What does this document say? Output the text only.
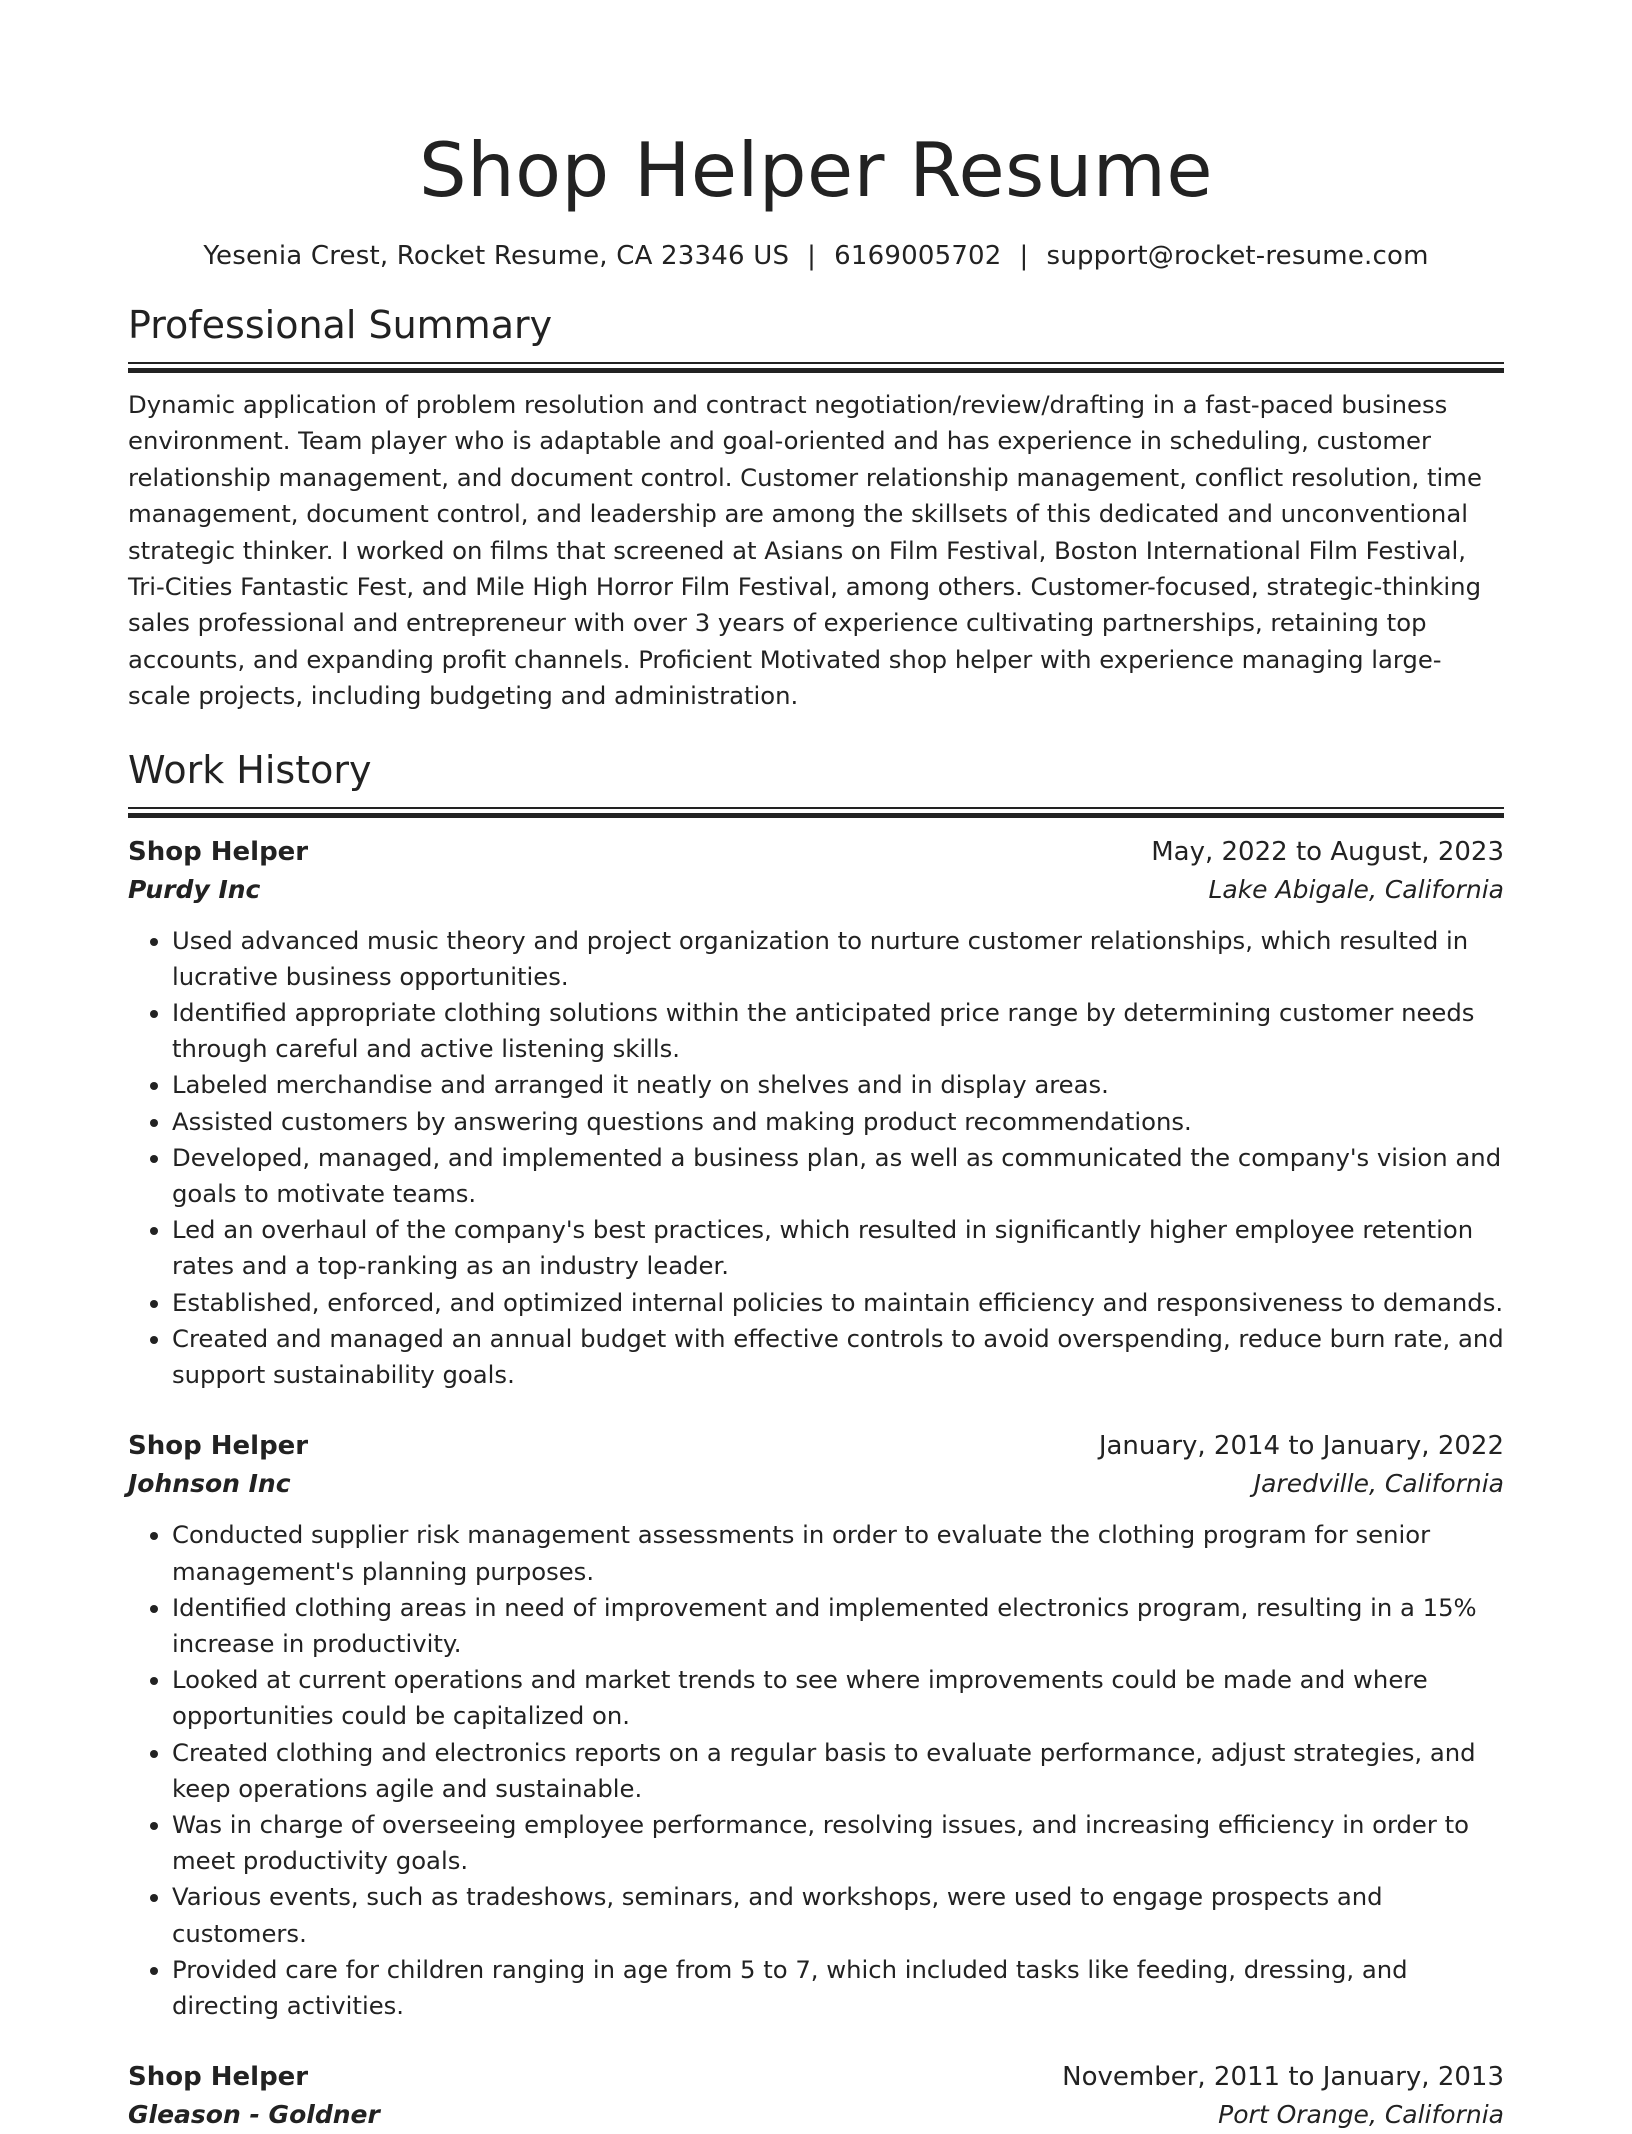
Shop Helper Resume
Yesenia Crest, Rocket Resume, CA 23346 US | 6169005702 | support@rocket-resume.com
Professional Summary

Dynamic application of problem resolution and contract negotiation/review/drafting in a fast-paced business environment. Team player who is adaptable and goal-oriented and has experience in scheduling, customer relationship management, and document control. Customer relationship management, conflict resolution, time management, document control, and leadership are among the skillsets of this dedicated and unconventional strategic thinker. I worked on films that screened at Asians on Film Festival, Boston International Film Festival, Tri-Cities Fantastic Fest, and Mile High Horror Film Festival, among others. Customer-focused, strategic-thinking sales professional and entrepreneur with over 3 years of experience cultivating partnerships, retaining top accounts, and expanding profit channels. Proficient Motivated shop helper with experience managing large-scale projects, including budgeting and administration.

Work History
Shop Helper	May, 2022 to August, 2023
Purdy Inc	Lake Abigale, California
• Used advanced music theory and project organization to nurture customer relationships, which resulted in lucrative business opportunities.
• Identified appropriate clothing solutions within the anticipated price range by determining customer needs through careful and active listening skills.
• Labeled merchandise and arranged it neatly on shelves and in display areas.
• Assisted customers by answering questions and making product recommendations.
• Developed, managed, and implemented a business plan, as well as communicated the company's vision and goals to motivate teams.
• Led an overhaul of the company's best practices, which resulted in significantly higher employee retention rates and a top-ranking as an industry leader.
• Established, enforced, and optimized internal policies to maintain efficiency and responsiveness to demands.
• Created and managed an annual budget with effective controls to avoid overspending, reduce burn rate, and support sustainability goals.
Shop Helper	January, 2014 to January, 2022
Johnson Inc	Jaredville, California
• Conducted supplier risk management assessments in order to evaluate the clothing program for senior management's planning purposes.
• Identified clothing areas in need of improvement and implemented electronics program, resulting in a 15% increase in productivity.
• Looked at current operations and market trends to see where improvements could be made and where opportunities could be capitalized on.
• Created clothing and electronics reports on a regular basis to evaluate performance, adjust strategies, and keep operations agile and sustainable.
• Was in charge of overseeing employee performance, resolving issues, and increasing efficiency in order to meet productivity goals.
• Various events, such as tradeshows, seminars, and workshops, were used to engage prospects and customers.
• Provided care for children ranging in age from 5 to 7, which included tasks like feeding, dressing, and directing activities.
Shop Helper	November, 2011 to January, 2013
Gleason - Goldner	Port Orange, California
